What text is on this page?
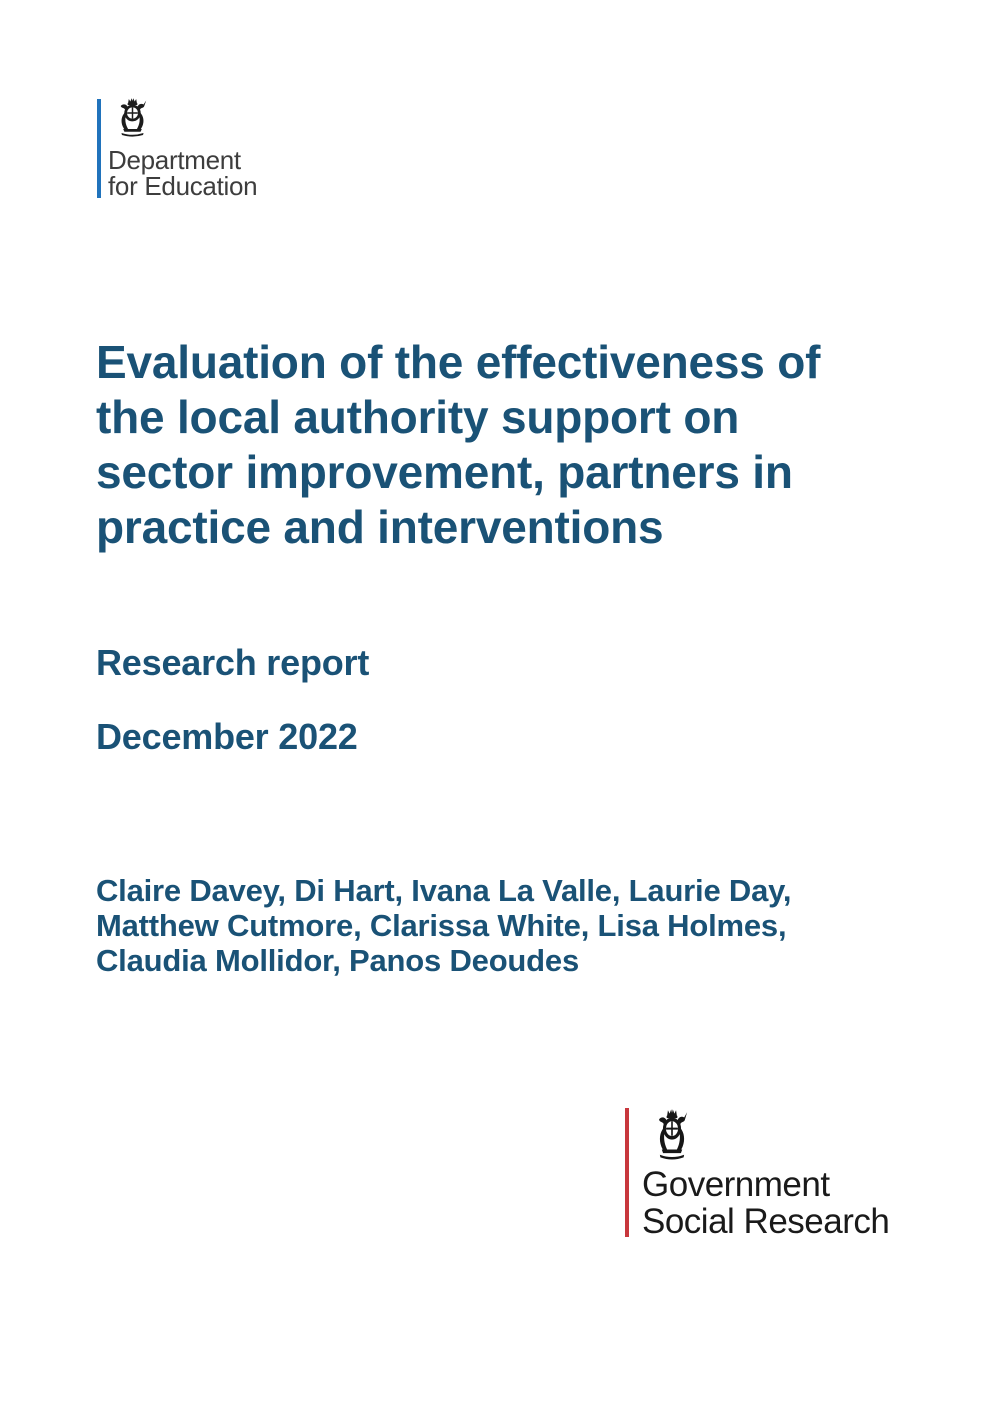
Department
for Education
Evaluation of the effectiveness of
the local authority support on
sector improvement, partners in
practice and interventions
Research report
December 2022
Claire Davey, Di Hart, Ivana La Valle, Laurie Day,
Matthew Cutmore, Clarissa White, Lisa Holmes,
Claudia Mollidor, Panos Deoudes
Government
Social Research
